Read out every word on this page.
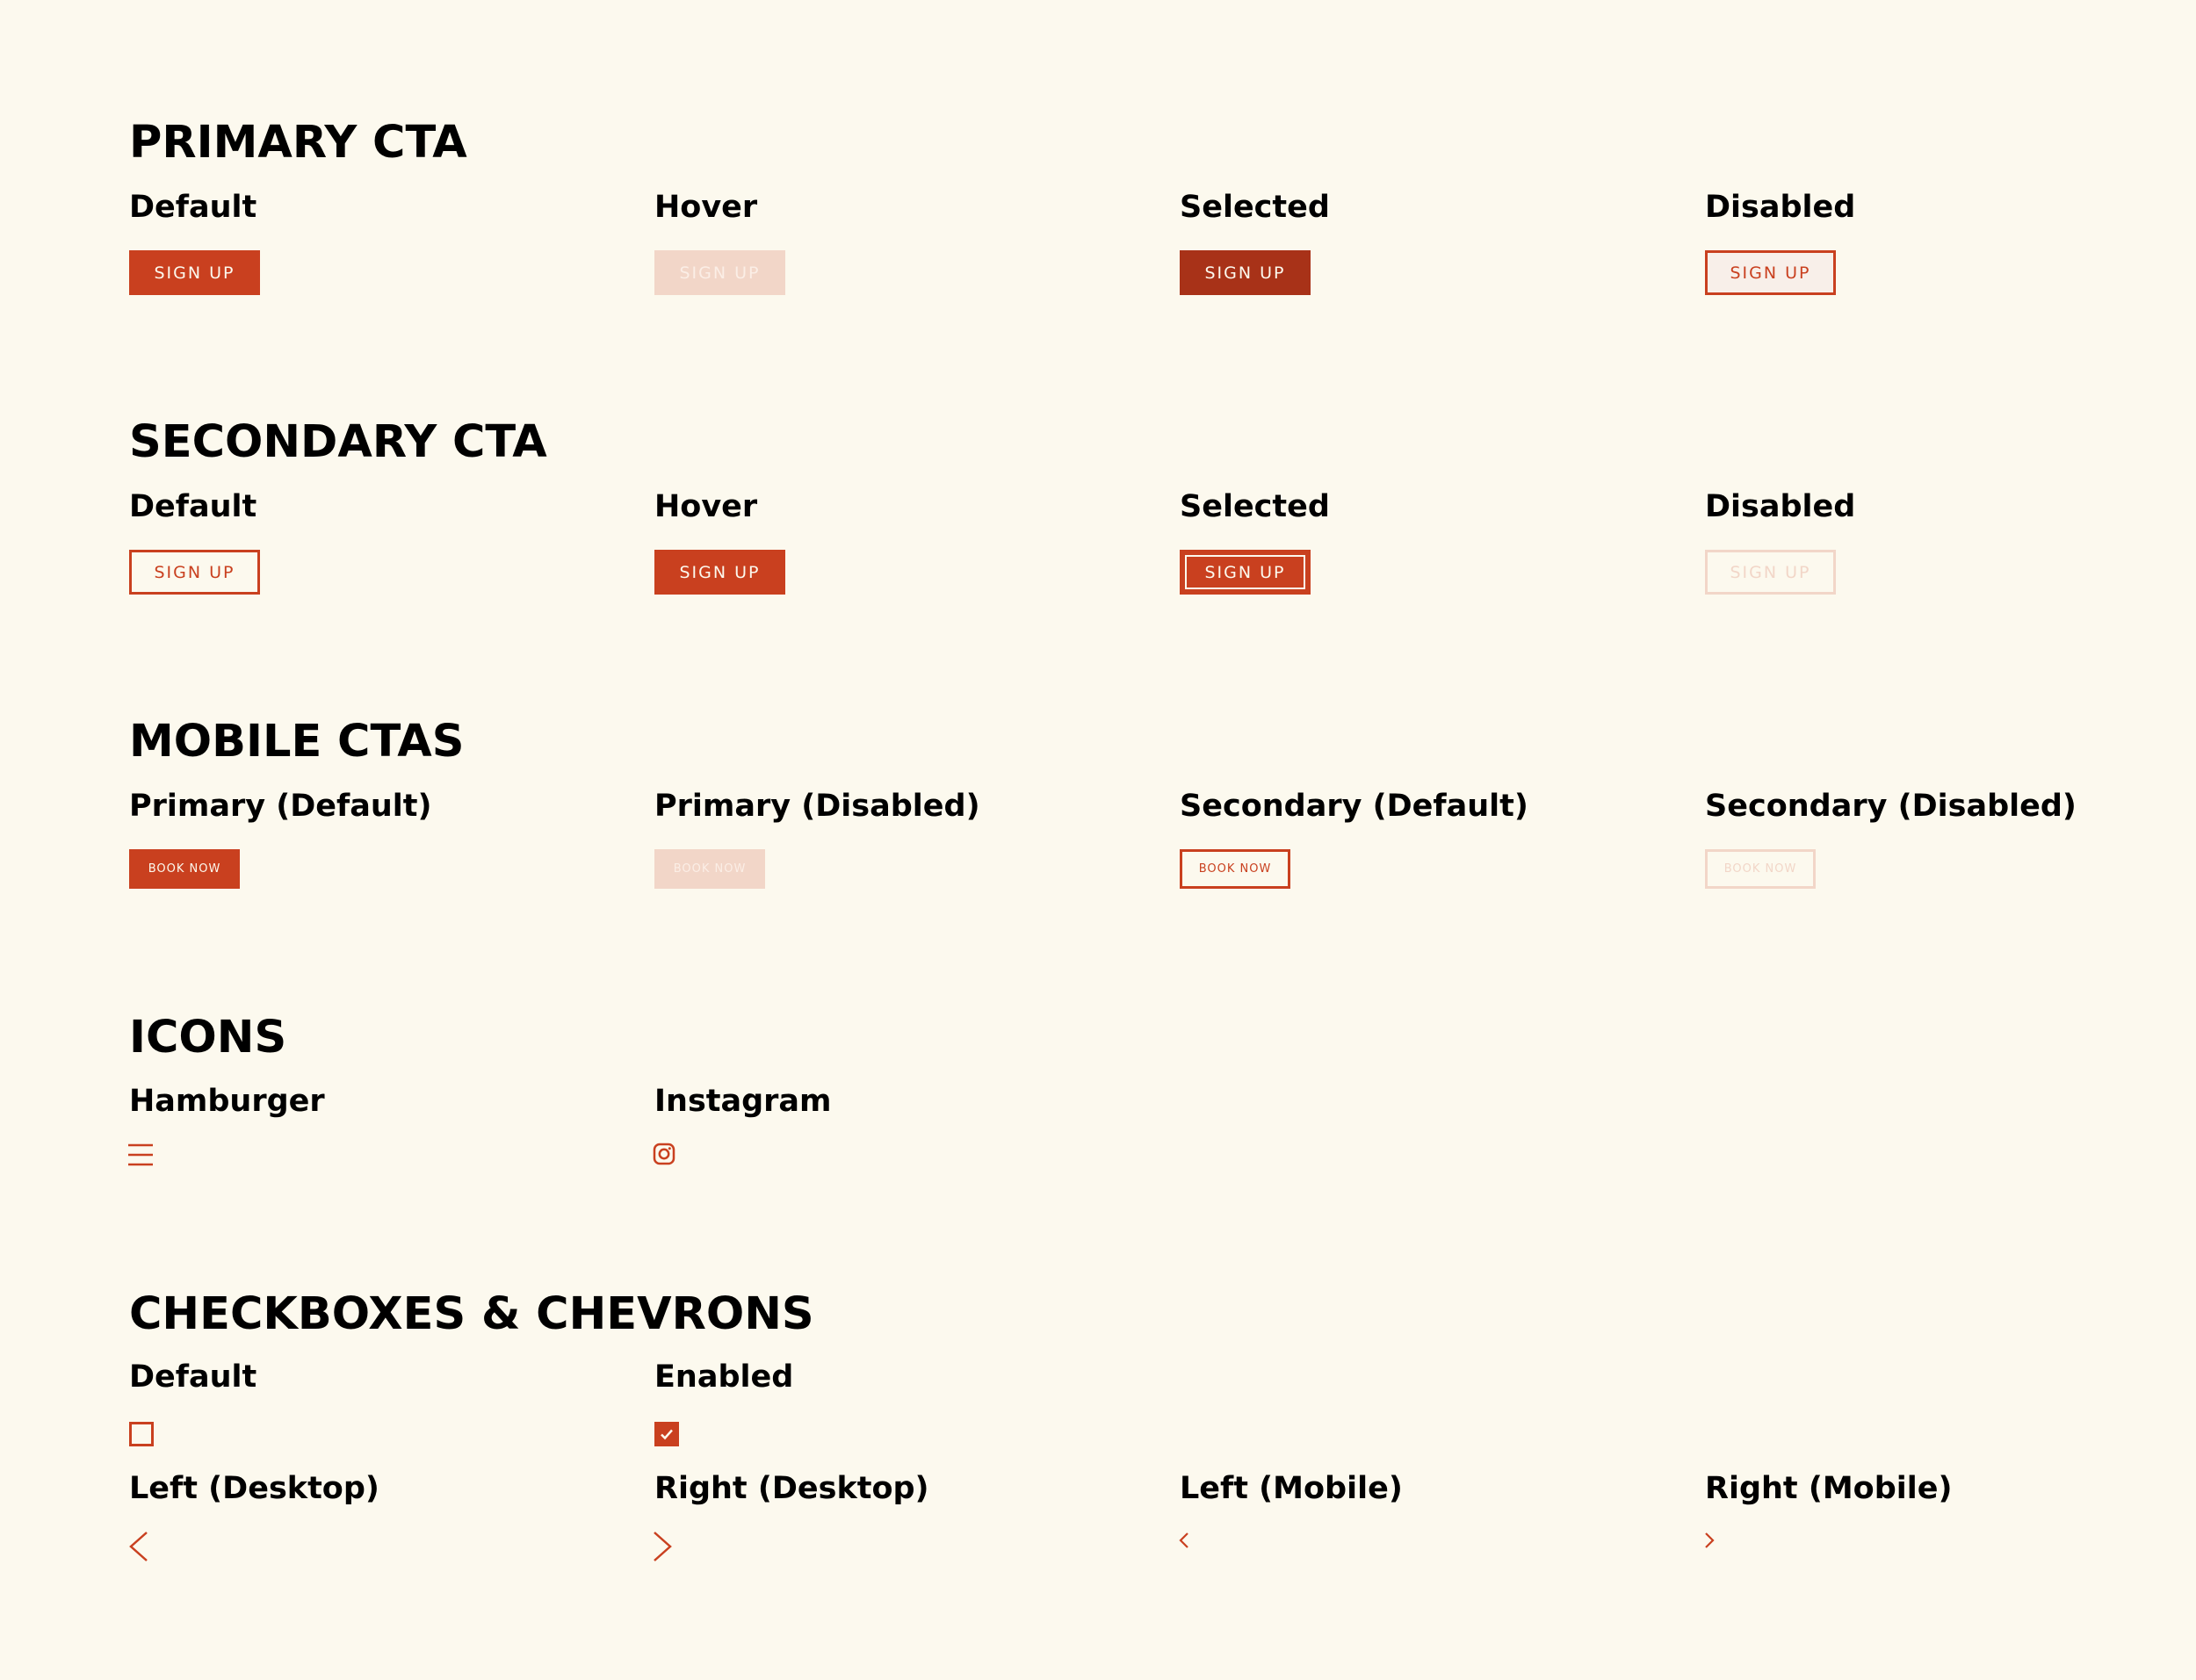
PRIMARY CTA
Default	Hover	Selected	Disabled
SIGN UP	SIGN UP	SIGN UP	SIGN UP
SECONDARY CTA
Default	Hover	Selected	Disabled
SIGN UP	SIGN UP	SIGN UP	SIGN UP
MOBILE CTAS
Primary (Default)	Primary (Disabled)	Secondary (Default)	Secondary (Disabled)
BOOK NOW	BOOK NOW	BOOK NOW	BOOK NOW
ICONS
Hamburger	Instagram
CHECKBOXES & CHEVRONS
Default	Enabled
Left (Desktop)	Right (Desktop)	Left (Mobile)	Right (Mobile)
